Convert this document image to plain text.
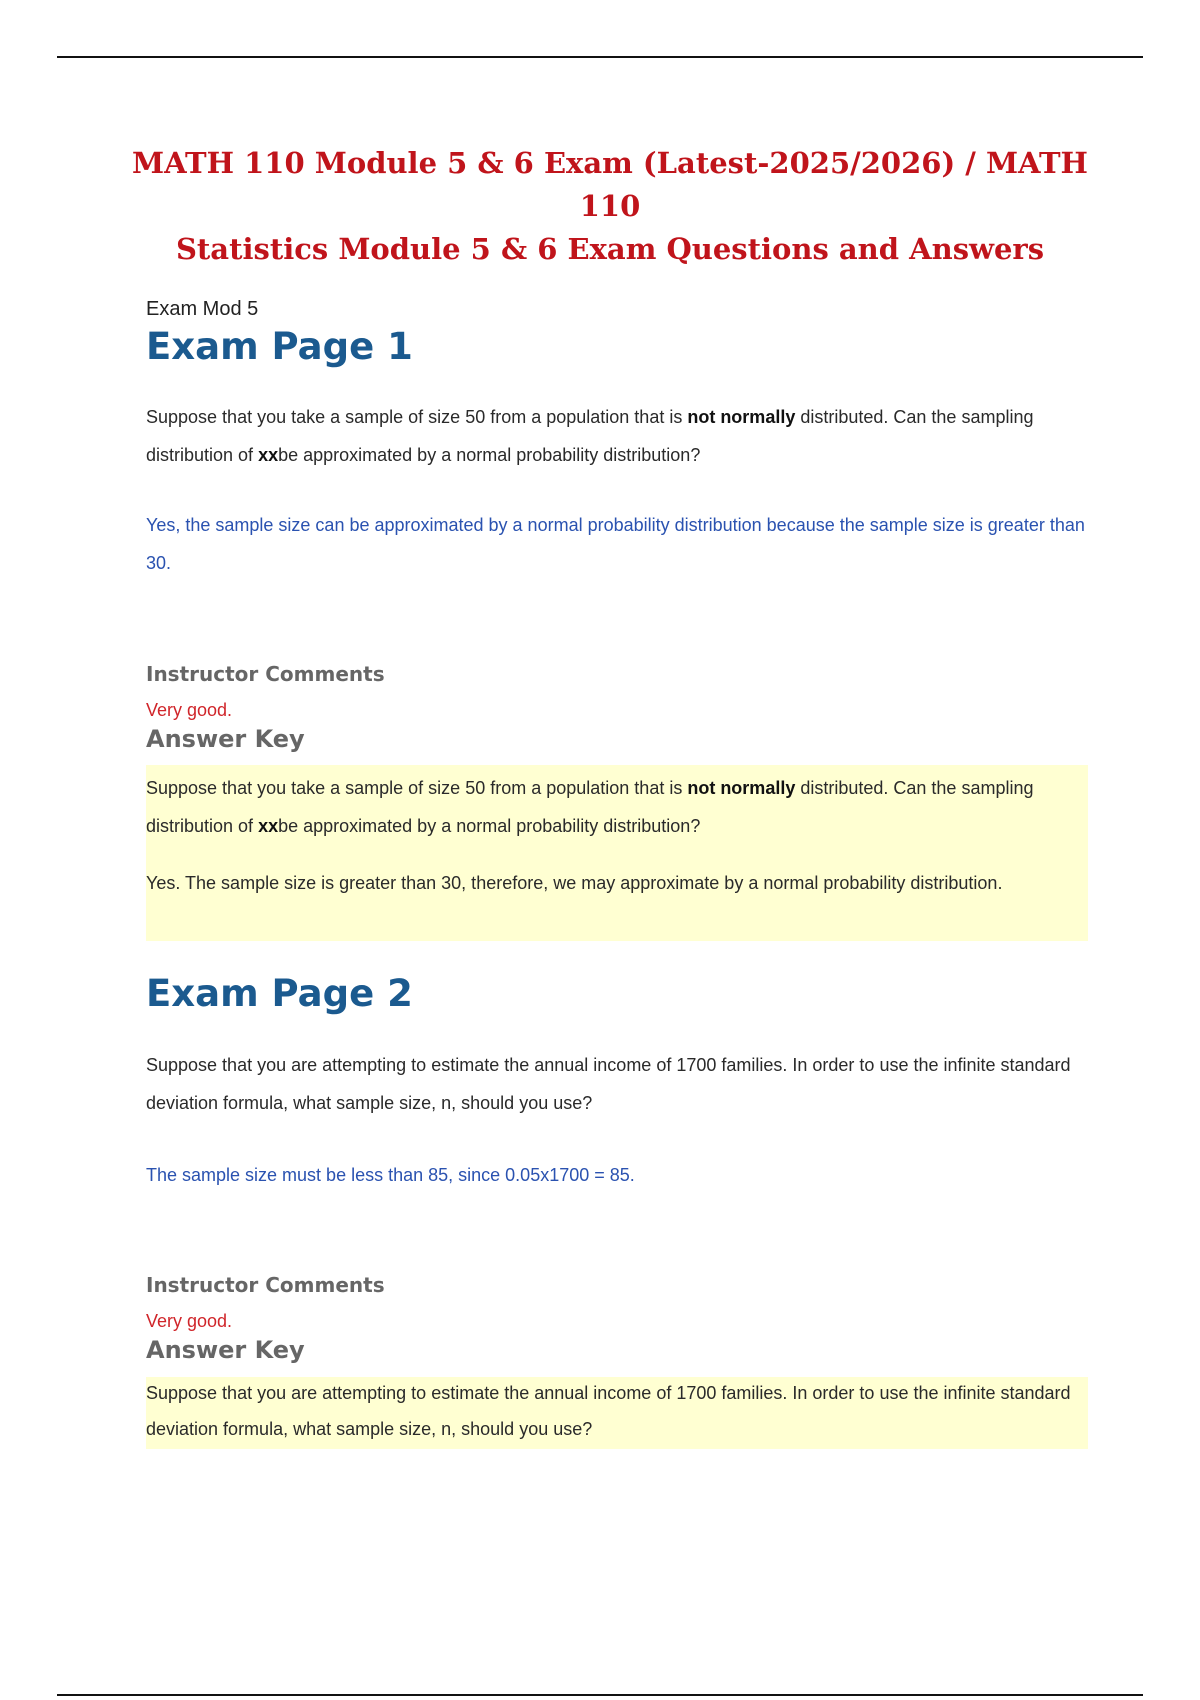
MATH 110 Module 5 & 6 Exam (Latest-2025/2026) / MATH 110
Statistics Module 5 & 6 Exam Questions and Answers

Exam Mod 5

Exam Page 1

Suppose that you take a sample of size 50 from a population that is not normally distributed. Can the sampling distribution of xxbe approximated by a normal probability distribution?

Yes, the sample size can be approximated by a normal probability distribution because the sample size is greater than 30.

Instructor Comments

Very good.

Answer Key

Suppose that you take a sample of size 50 from a population that is not normally distributed. Can the sampling distribution of xxbe approximated by a normal probability distribution?

Yes. The sample size is greater than 30, therefore, we may approximate by a normal probability distribution.

Exam Page 2

Suppose that you are attempting to estimate the annual income of 1700 families. In order to use the infinite standard deviation formula, what sample size, n, should you use?

The sample size must be less than 85, since 0.05x1700 = 85.

Instructor Comments

Very good.

Answer Key

Suppose that you are attempting to estimate the annual income of 1700 families. In order to use the infinite standard deviation formula, what sample size, n, should you use?
